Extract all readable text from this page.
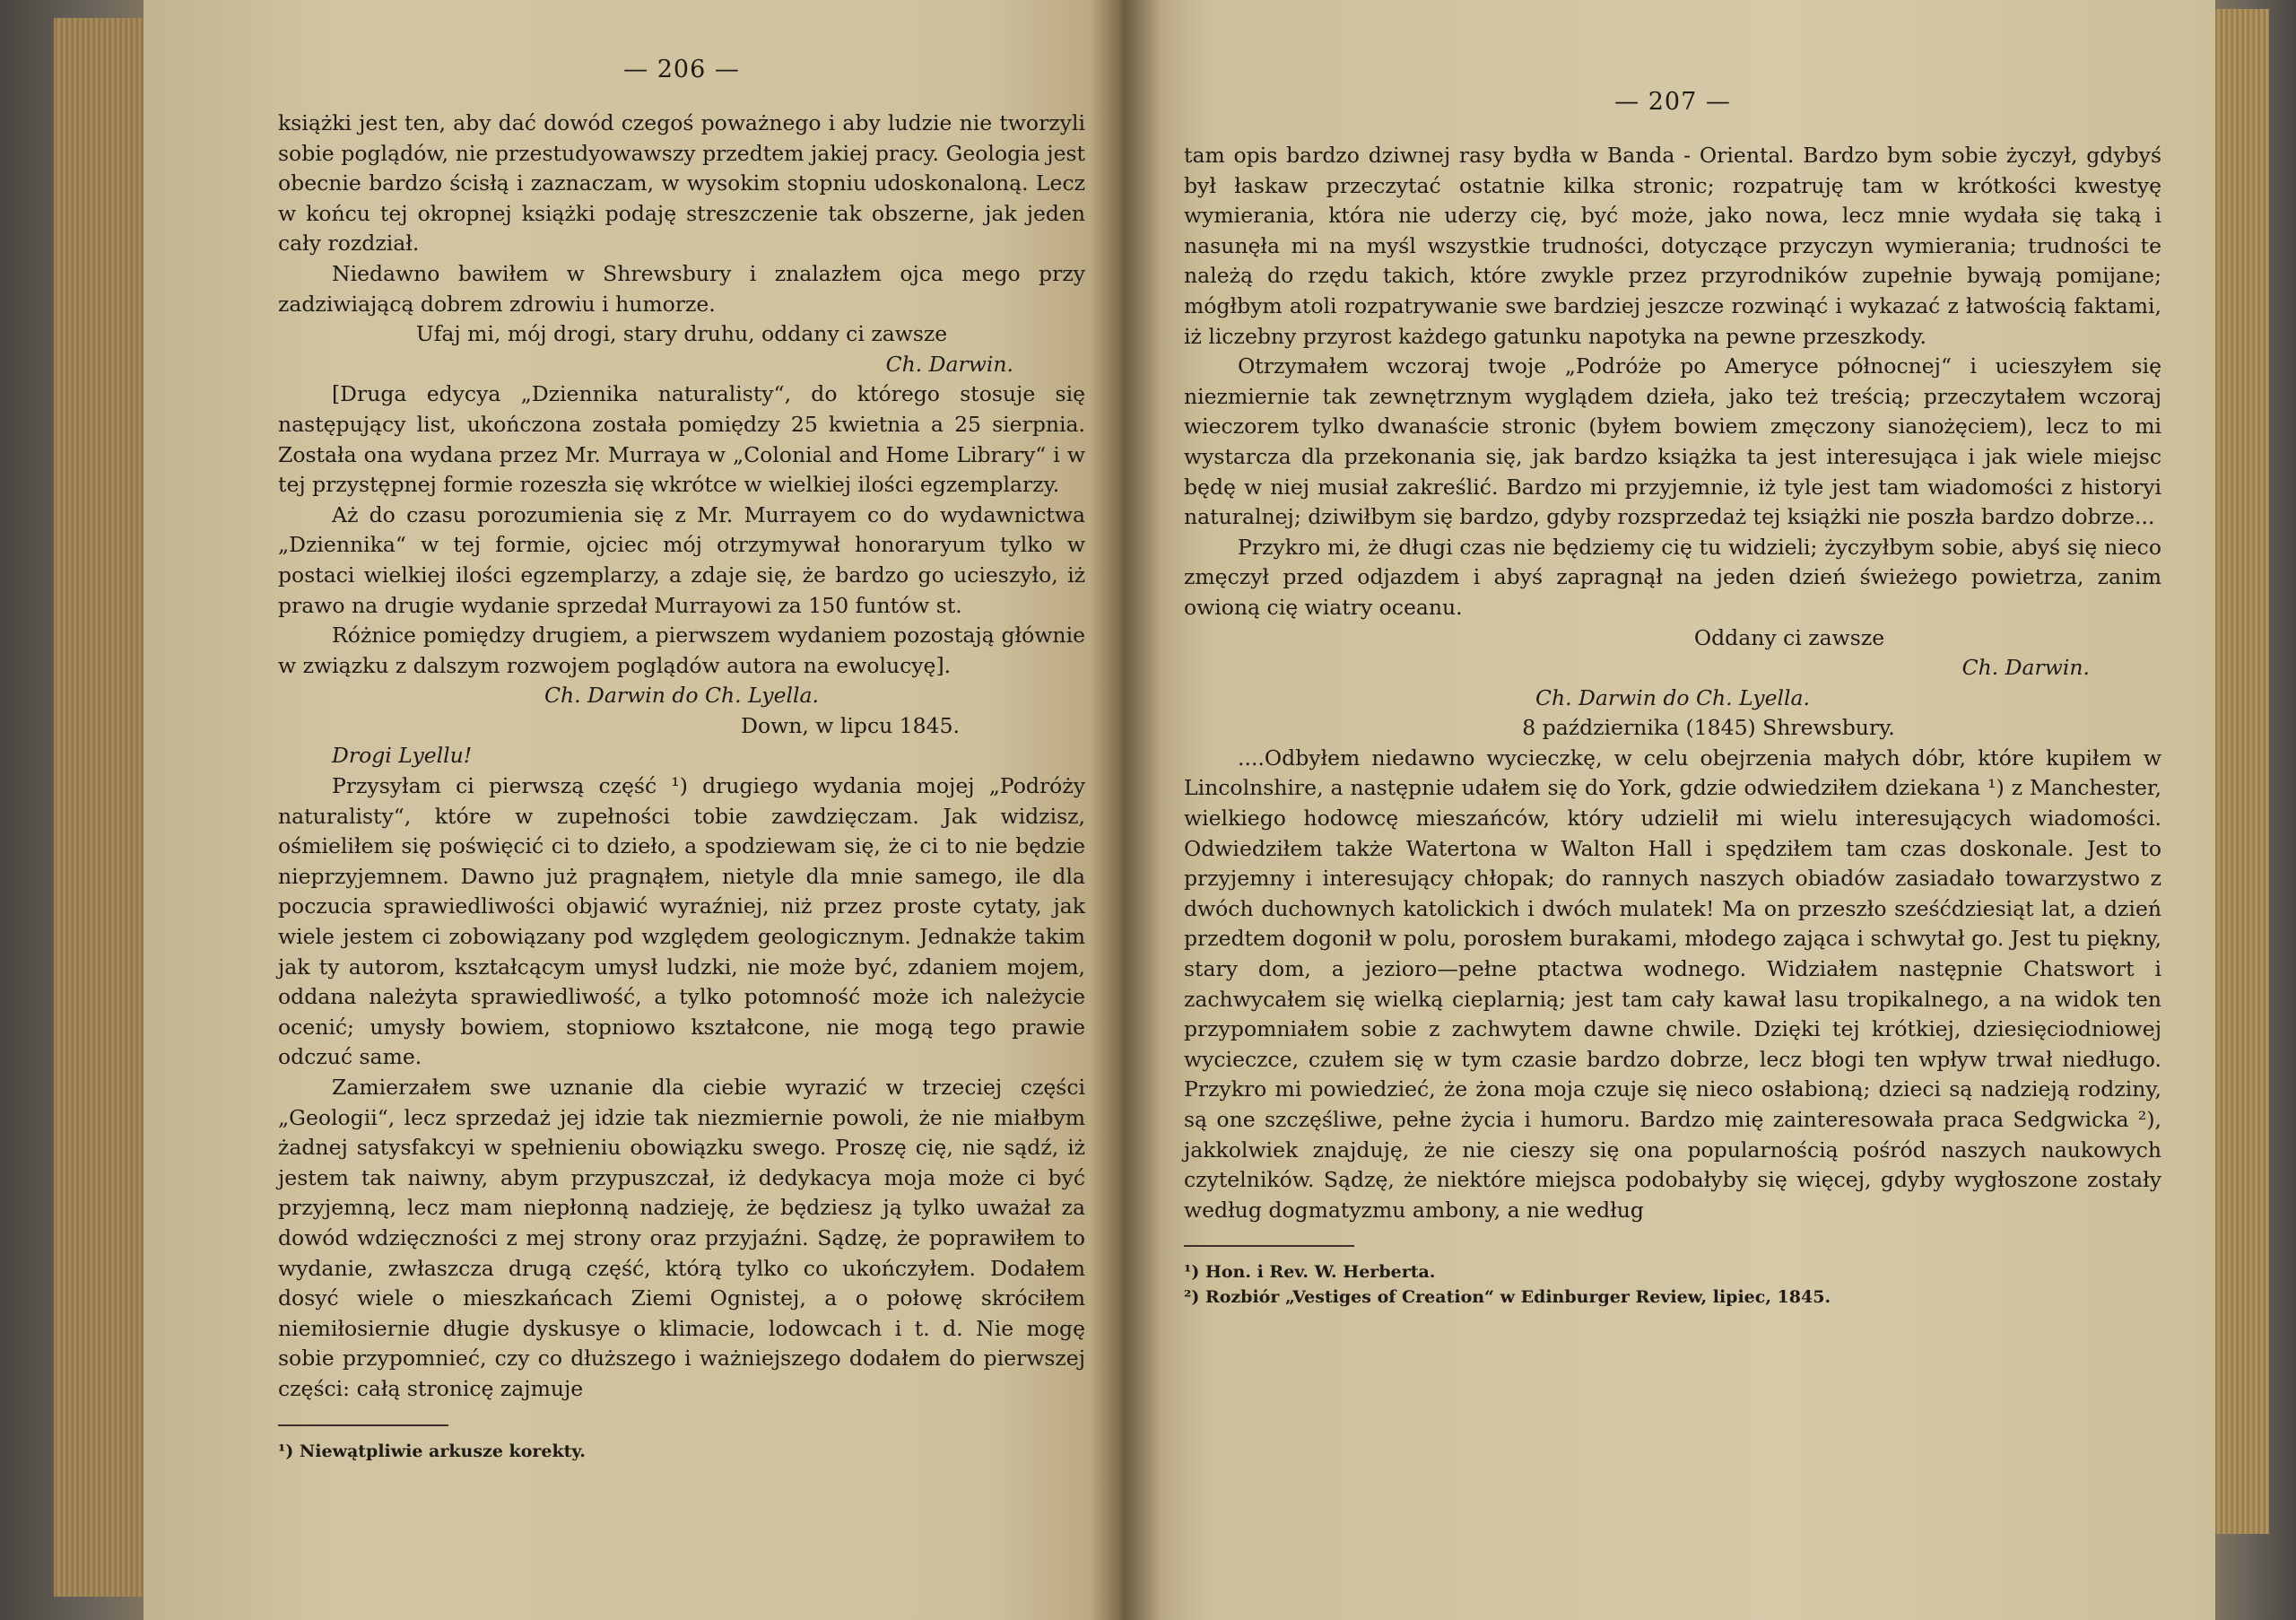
— 206 —

książki jest ten, aby dać dowód czegoś poważnego i aby ludzie nie tworzyli sobie poglądów, nie przestudyowawszy przedtem jakiej pracy. Geologia jest obecnie bardzo ścisłą i zaznaczam, w wysokim stopniu udoskonaloną. Lecz w końcu tej okropnej książki podaję streszczenie tak obszerne, jak jeden cały rozdział.

Niedawno bawiłem w Shrewsbury i znalazłem ojca mego przy zadziwiającą dobrem zdrowiu i humorze.

Ufaj mi, mój drogi, stary druhu, oddany ci zawsze

Ch. Darwin.

[Druga edycya „Dziennika naturalisty“, do którego stosuje się następujący list, ukończona została pomiędzy 25 kwietnia a 25 sierpnia. Została ona wydana przez Mr. Murraya w „Colonial and Home Library“ i w tej przystępnej formie rozeszła się wkrótce w wielkiej ilości egzemplarzy.

Aż do czasu porozumienia się z Mr. Murrayem co do wydawnictwa „Dziennika“ w tej formie, ojciec mój otrzymywał honoraryum tylko w postaci wielkiej ilości egzemplarzy, a zdaje się, że bardzo go ucieszyło, iż prawo na drugie wydanie sprzedał Murrayowi za 150 funtów st.

Różnice pomiędzy drugiem, a pierwszem wydaniem pozostają głównie w związku z dalszym rozwojem poglądów autora na ewolucyę].

Ch. Darwin do Ch. Lyella.

Down, w lipcu 1845.

Drogi Lyellu!

Przysyłam ci pierwszą część ¹) drugiego wydania mojej „Podróży naturalisty“, które w zupełności tobie zawdzięczam. Jak widzisz, ośmieliłem się poświęcić ci to dzieło, a spodziewam się, że ci to nie będzie nieprzyjemnem. Dawno już pragnąłem, nietyle dla mnie samego, ile dla poczucia sprawiedliwości objawić wyraźniej, niż przez proste cytaty, jak wiele jestem ci zobowiązany pod względem geologicznym. Jednakże takim jak ty autorom, kształcącym umysł ludzki, nie może być, zdaniem mojem, oddana należyta sprawiedliwość, a tylko potomność może ich należycie ocenić; umysły bowiem, stopniowo kształcone, nie mogą tego prawie odczuć same.

Zamierzałem swe uznanie dla ciebie wyrazić w trzeciej części „Geologii“, lecz sprzedaż jej idzie tak niezmiernie powoli, że nie miałbym żadnej satysfakcyi w spełnieniu obowiązku swego. Proszę cię, nie sądź, iż jestem tak naiwny, abym przypuszczał, iż dedykacya moja może ci być przyjemną, lecz mam niepłonną nadzieję, że będziesz ją tylko uważał za dowód wdzięczności z mej strony oraz przyjaźni. Sądzę, że poprawiłem to wydanie, zwłaszcza drugą część, którą tylko co ukończyłem. Dodałem dosyć wiele o mieszkańcach Ziemi Ognistej, a o połowę skróciłem niemiłosiernie długie dyskusye o klimacie, lodowcach i t. d. Nie mogę sobie przypomnieć, czy co dłuższego i ważniejszego dodałem do pierwszej części: całą stronicę zajmuje

¹) Niewątpliwie arkusze korekty.

— 207 —

tam opis bardzo dziwnej rasy bydła w Banda - Oriental. Bardzo bym sobie życzył, gdybyś był łaskaw przeczytać ostatnie kilka stronic; rozpatruję tam w krótkości kwestyę wymierania, która nie uderzy cię, być może, jako nowa, lecz mnie wydała się taką i nasunęła mi na myśl wszystkie trudności, dotyczące przyczyn wymierania; trudności te należą do rzędu takich, które zwykle przez przyrodników zupełnie bywają pomijane; mógłbym atoli rozpatrywanie swe bardziej jeszcze rozwinąć i wykazać z łatwością faktami, iż liczebny przyrost każdego gatunku napotyka na pewne przeszkody.

Otrzymałem wczoraj twoje „Podróże po Ameryce północnej“ i ucieszyłem się niezmiernie tak zewnętrznym wyglądem dzieła, jako też treścią; przeczytałem wczoraj wieczorem tylko dwanaście stronic (byłem bowiem zmęczony sianożęciem), lecz to mi wystarcza dla przekonania się, jak bardzo książka ta jest interesująca i jak wiele miejsc będę w niej musiał zakreślić. Bardzo mi przyjemnie, iż tyle jest tam wiadomości z historyi naturalnej; dziwiłbym się bardzo, gdyby rozsprzedaż tej książki nie poszła bardzo dobrze...

Przykro mi, że długi czas nie będziemy cię tu widzieli; życzyłbym sobie, abyś się nieco zmęczył przed odjazdem i abyś zapragnął na jeden dzień świeżego powietrza, zanim owioną cię wiatry oceanu.

Oddany ci zawsze

Ch. Darwin.

Ch. Darwin do Ch. Lyella.

8 października (1845) Shrewsbury.

....Odbyłem niedawno wycieczkę, w celu obejrzenia małych dóbr, które kupiłem w Lincolnshire, a następnie udałem się do York, gdzie odwiedziłem dziekana ¹) z Manchester, wielkiego hodowcę mieszańców, który udzielił mi wielu interesujących wiadomości. Odwiedziłem także Watertona w Walton Hall i spędziłem tam czas doskonale. Jest to przyjemny i interesujący chłopak; do rannych naszych obiadów zasiadało towarzystwo z dwóch duchownych katolickich i dwóch mulatek! Ma on przeszło sześćdziesiąt lat, a dzień przedtem dogonił w polu, porosłem burakami, młodego zająca i schwytał go. Jest tu piękny, stary dom, a jezioro—pełne ptactwa wodnego. Widziałem następnie Chatswort i zachwycałem się wielką cieplarnią; jest tam cały kawał lasu tropikalnego, a na widok ten przypomniałem sobie z zachwytem dawne chwile. Dzięki tej krótkiej, dziesięciodniowej wycieczce, czułem się w tym czasie bardzo dobrze, lecz błogi ten wpływ trwał niedługo. Przykro mi powiedzieć, że żona moja czuje się nieco osłabioną; dzieci są nadzieją rodziny, są one szczęśliwe, pełne życia i humoru. Bardzo mię zainteresowała praca Sedgwicka ²), jakkolwiek znajduję, że nie cieszy się ona popularnością pośród naszych naukowych czytelników. Sądzę, że niektóre miejsca podobałyby się więcej, gdyby wygłoszone zostały według dogmatyzmu ambony, a nie według

¹) Hon. i Rev. W. Herberta.

²) Rozbiór „Vestiges of Creation“ w Edinburger Review, lipiec, 1845.
